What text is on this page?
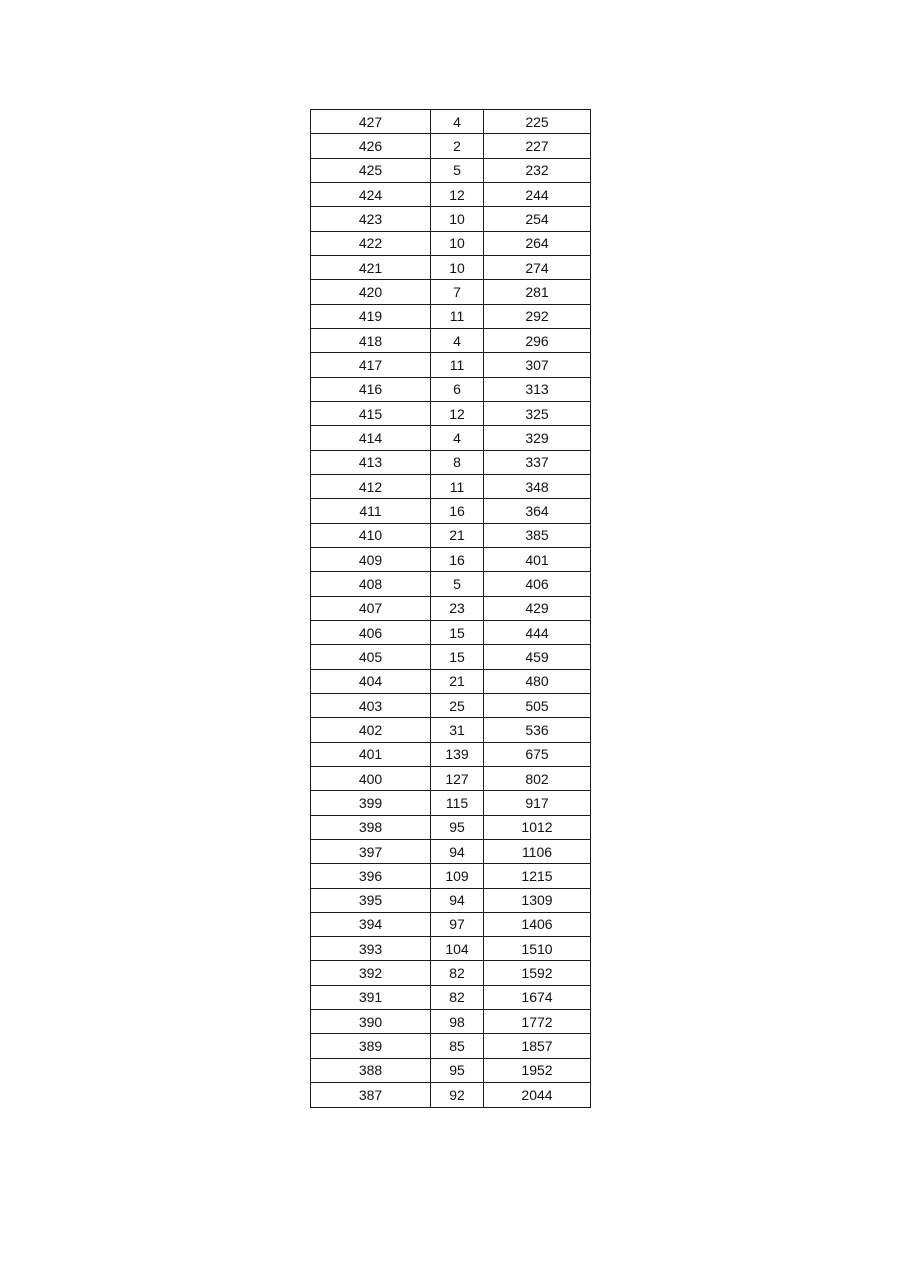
427	4	225
426	2	227
425	5	232
424	12	244
423	10	254
422	10	264
421	10	274
420	7	281
419	11	292
418	4	296
417	11	307
416	6	313
415	12	325
414	4	329
413	8	337
412	11	348
411	16	364
410	21	385
409	16	401
408	5	406
407	23	429
406	15	444
405	15	459
404	21	480
403	25	505
402	31	536
401	139	675
400	127	802
399	115	917
398	95	1012
397	94	1106
396	109	1215
395	94	1309
394	97	1406
393	104	1510
392	82	1592
391	82	1674
390	98	1772
389	85	1857
388	95	1952
387	92	2044
